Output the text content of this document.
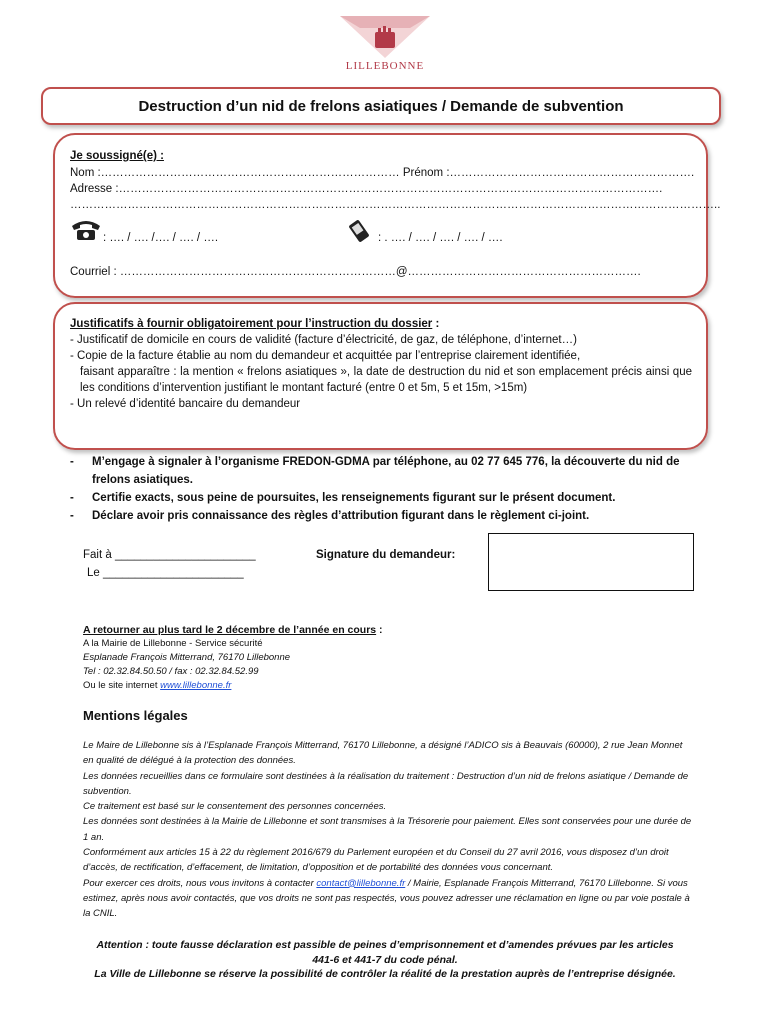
LILLEBONNE
Destruction d’un nid de frelons asiatiques / Demande de subvention
Je soussigné(e) :
Nom :…………………………………………………………………… Prénom :……………………………………………………….
Adresse :…………………………………………………………………………………………………………………………….
……………………………………………………………………………………………………………………………………………………..
: …. / …. /…. / …. / ….	: . …. / …. / …. / …. / ….
Courriel : ………………………………………………………………@…………………………………………………….
Justificatifs à fournir obligatoirement pour l’instruction du dossier :
- Justificatif de domicile en cours de validité (facture d’électricité, de gaz, de téléphone, d’internet…)
- Copie de la facture établie au nom du demandeur et acquittée par l’entreprise clairement identifiée,
faisant apparaître : la mention « frelons asiatiques », la date de destruction du nid et son emplacement précis ainsi que les conditions d’intervention justifiant le montant facturé (entre 0 et 5m, 5 et 15m, >15m)
- Un relevé d’identité bancaire du demandeur
-	M’engage à signaler à l’organisme FREDON-GDMA par téléphone, au 02 77 645 776, la découverte du nid de frelons asiatiques.
-	Certifie exacts, sous peine de poursuites, les renseignements figurant sur le présent document.
-	Déclare avoir pris connaissance des règles d’attribution figurant dans le règlement ci-joint.
Fait à ______________________
Le ______________________
Signature du demandeur:
A retourner au plus tard le 2 décembre de l’année en cours :
A la Mairie de Lillebonne - Service sécurité
Esplanade François Mitterrand, 76170 Lillebonne
Tel : 02.32.84.50.50 / fax : 02.32.84.52.99
Ou le site internet www.lillebonne.fr
Mentions légales
Le Maire de Lillebonne sis à l’Esplanade François Mitterrand, 76170 Lillebonne, a désigné l’ADICO sis à Beauvais (60000), 2 rue Jean Monnet en qualité de délégué à la protection des données.
Les données recueillies dans ce formulaire sont destinées à la réalisation du traitement : Destruction d’un nid de frelons asiatique / Demande de subvention.
Ce traitement est basé sur le consentement des personnes concernées.
Les données sont destinées à la Mairie de Lillebonne et sont transmises à la Trésorerie pour paiement. Elles sont conservées pour une durée de 1 an.
Conformément aux articles 15 à 22 du règlement 2016/679 du Parlement européen et du Conseil du 27 avril 2016, vous disposez d’un droit d’accès, de rectification, d’effacement, de limitation, d’opposition et de portabilité des données vous concernant.
Pour exercer ces droits, nous vous invitons à contacter contact@lillebonne.fr / Mairie, Esplanade François Mitterrand, 76170 Lillebonne. Si vous estimez, après nous avoir contactés, que vos droits ne sont pas respectés, vous pouvez adresser une réclamation en ligne ou par voie postale à la CNIL.
Attention : toute fausse déclaration est passible de peines d’emprisonnement et d’amendes prévues par les articles 441-6 et 441-7 du code pénal.
La Ville de Lillebonne se réserve la possibilité de contrôler la réalité de la prestation auprès de l’entreprise désignée.
